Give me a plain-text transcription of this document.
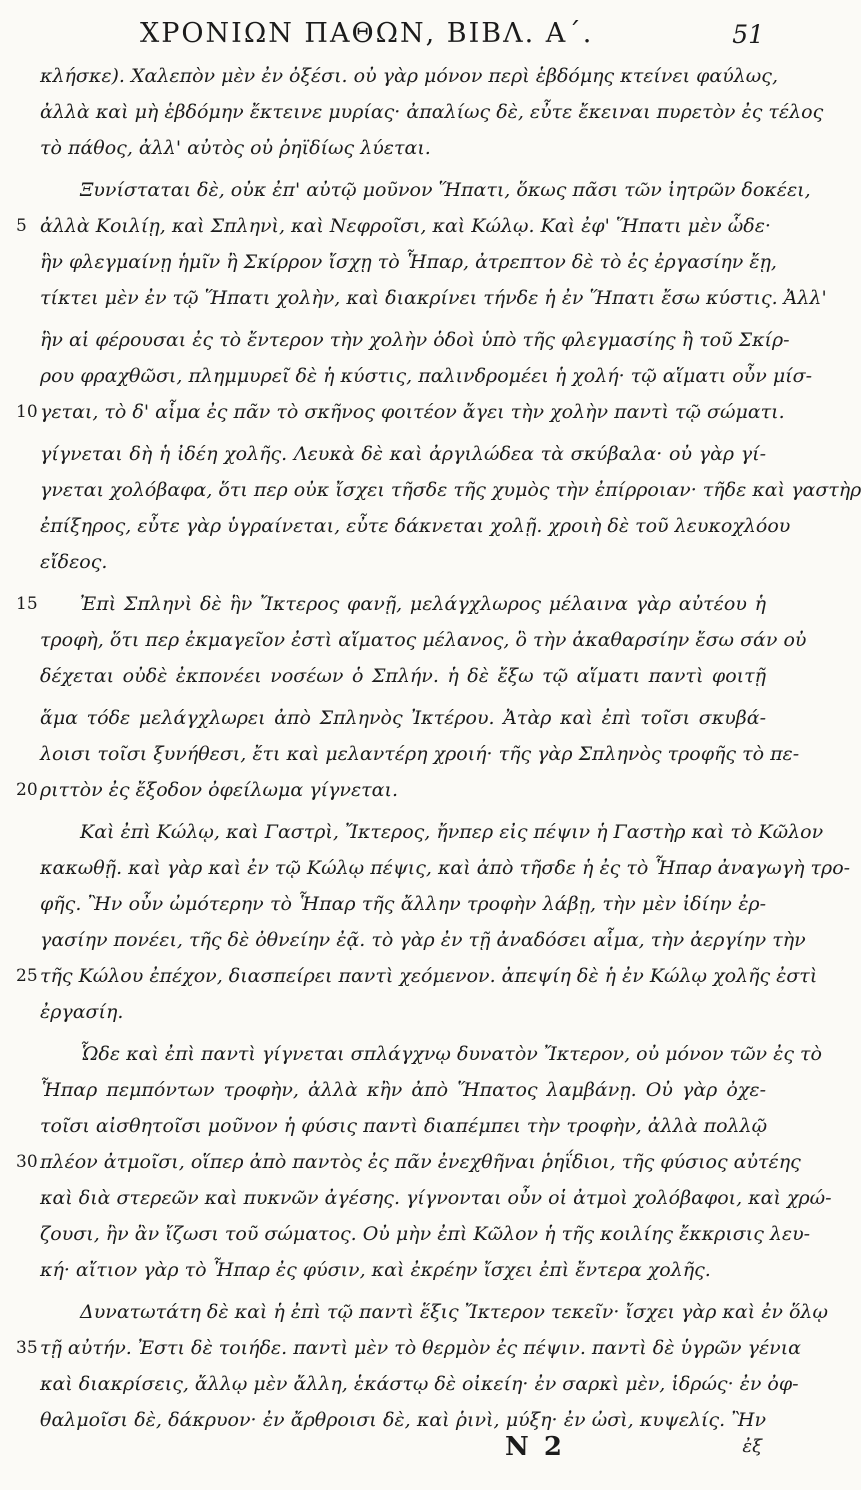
ΧΡΟΝΙΩΝ ΠΑΘΩΝ, ΒΙΒΛ. Α΄.	51
κλήσκε). Χαλεπὸν μὲν ἐν ὀξέσι. οὐ γὰρ μόνον περὶ ἑβδόμης κτείνει φαύλως,
ἀλλὰ καὶ μὴ ἑβδόμην ἔκτεινε μυρίας· ἀπαλίως δὲ, εὖτε ἔκειναι πυρετὸν ἐς τέλος
τὸ πάθος, ἀλλ' αὐτὸς οὐ ῥηϊδίως λύεται.
Ξυνίσταται δὲ, οὐκ ἐπ' αὐτῷ μοῦνον Ἥπατι, ὅκως πᾶσι τῶν ἰητρῶν δοκέει,
ἀλλὰ Κοιλίῃ, καὶ Σπληνὶ, καὶ Νεφροῖσι, καὶ Κώλῳ. Καὶ ἐφ' Ἥπατι μὲν ὧδε·
ἣν φλεγμαίνῃ ἡμῖν ἢ Σκίρρον ἴσχῃ τὸ Ἧπαρ, ἀτρεπτον δὲ τὸ ἐς ἐργασίην ἔῃ,
τίκτει μὲν ἐν τῷ Ἥπατι χολὴν, καὶ διακρίνει τήνδε ἡ ἐν Ἥπατι ἔσω κύστις. Ἀλλ'
ἣν αἱ φέρουσαι ἐς τὸ ἔντερον τὴν χολὴν ὁδοὶ ὑπὸ τῆς φλεγμασίης ἢ τοῦ Σκίρ-
ρου φραχθῶσι, πλημμυρεῖ δὲ ἡ κύστις, παλινδρομέει ἡ χολή· τῷ αἵματι οὖν μίσ-
γεται, τὸ δ' αἷμα ἐς πᾶν τὸ σκῆνος φοιτέον ἄγει τὴν χολὴν παντὶ τῷ σώματι.
γίγνεται δὴ ἡ ἰδέη χολῆς. Λευκὰ δὲ καὶ ἀργιλώδεα τὰ σκύβαλα· οὐ γὰρ γί-
γνεται χολόβαφα, ὅτι περ οὐκ ἴσχει τῆσδε τῆς χυμὸς τὴν ἐπίρροιαν· τῆδε καὶ γαστὴρ
ἐπίξηρος, εὖτε γὰρ ὑγραίνεται, εὖτε δάκνεται χολῇ. χροιὴ δὲ τοῦ λευκοχλόου
εἴδεος.
Ἐπὶ Σπληνὶ δὲ ἣν Ἴκτερος φανῇ, μελάγχλωρος μέλαινα γὰρ αὐτέου ἡ
τροφὴ, ὅτι περ ἐκμαγεῖον ἐστὶ αἵματος μέλανος, ὃ τὴν ἀκαθαρσίην ἔσω σάν οὐ
δέχεται οὐδὲ ἐκπονέει νοσέων ὁ Σπλήν. ἡ δὲ ἔξω τῷ αἵματι παντὶ φοιτῇ
ἅμα τόδε μελάγχλωρει ἀπὸ Σπληνὸς Ἰκτέρου. Ἀτὰρ καὶ ἐπὶ τοῖσι σκυβά-
λοισι τοῖσι ξυνήθεσι, ἔτι καὶ μελαντέρη χροιή· τῆς γὰρ Σπληνὸς τροφῆς τὸ πε-
ριττὸν ἐς ἔξοδον ὀφείλωμα γίγνεται.
Καὶ ἐπὶ Κώλῳ, καὶ Γαστρὶ, Ἴκτερος, ἤνπερ εἰς πέψιν ἡ Γαστὴρ καὶ τὸ Κῶλον
κακωθῇ. καὶ γὰρ καὶ ἐν τῷ Κώλῳ πέψις, καὶ ἀπὸ τῆσδε ἡ ἐς τὸ Ἧπαρ ἀναγωγὴ τρο-
φῆς. Ἢν οὖν ὠμότερην τὸ Ἧπαρ τῆς ἄλλην τροφὴν λάβῃ, τὴν μὲν ἰδίην ἐρ-
γασίην πονέει, τῆς δὲ ὀθνείην ἐᾷ. τὸ γὰρ ἐν τῇ ἀναδόσει αἷμα, τὴν ἀεργίην τὴν
τῆς Κώλου ἐπέχον, διασπείρει παντὶ χεόμενον. ἀπεψίη δὲ ἡ ἐν Κώλῳ χολῆς ἐστὶ
ἐργασίη.
Ὧδε καὶ ἐπὶ παντὶ γίγνεται σπλάγχνῳ δυνατὸν Ἴκτερον, οὐ μόνον τῶν ἐς τὸ
Ἧπαρ πεμπόντων τροφὴν, ἀλλὰ κἢν ἀπὸ Ἥπατος λαμβάνῃ. Οὐ γὰρ ὀχε-
τοῖσι αἰσθητοῖσι μοῦνον ἡ φύσις παντὶ διαπέμπει τὴν τροφὴν, ἀλλὰ πολλῷ
πλέον ἀτμοῖσι, οἵπερ ἀπὸ παντὸς ἐς πᾶν ἐνεχθῆναι ῥηΐδιοι, τῆς φύσιος αὐτέης
καὶ διὰ στερεῶν καὶ πυκνῶν ἀγέσης. γίγνονται οὖν οἱ ἀτμοὶ χολόβαφοι, καὶ χρώ-
ζουσι, ἢν ἂν ἴζωσι τοῦ σώματος. Οὐ μὴν ἐπὶ Κῶλον ἡ τῆς κοιλίης ἔκκρισις λευ-
κή· αἴτιον γὰρ τὸ Ἧπαρ ἐς φύσιν, καὶ ἐκρέην ἴσχει ἐπὶ ἔντερα χολῆς.
Δυνατωτάτη δὲ καὶ ἡ ἐπὶ τῷ παντὶ ἕξις Ἴκτερον τεκεῖν· ἴσχει γὰρ καὶ ἐν ὅλῳ
τῇ αὐτήν. Ἐστι δὲ τοιήδε. παντὶ μὲν τὸ θερμὸν ἐς πέψιν. παντὶ δὲ ὑγρῶν γένια
καὶ διακρίσεις, ἄλλῳ μὲν ἄλλη, ἑκάστῳ δὲ οἰκείη· ἐν σαρκὶ μὲν, ἱδρώς· ἐν ὀφ-
θαλμοῖσι δὲ, δάκρυον· ἐν ἄρθροισι δὲ, καὶ ῥινὶ, μύξη· ἐν ὠσὶ, κυψελίς. Ἢν
5
10
15
20
25
30
35
N 2	ἐξ
